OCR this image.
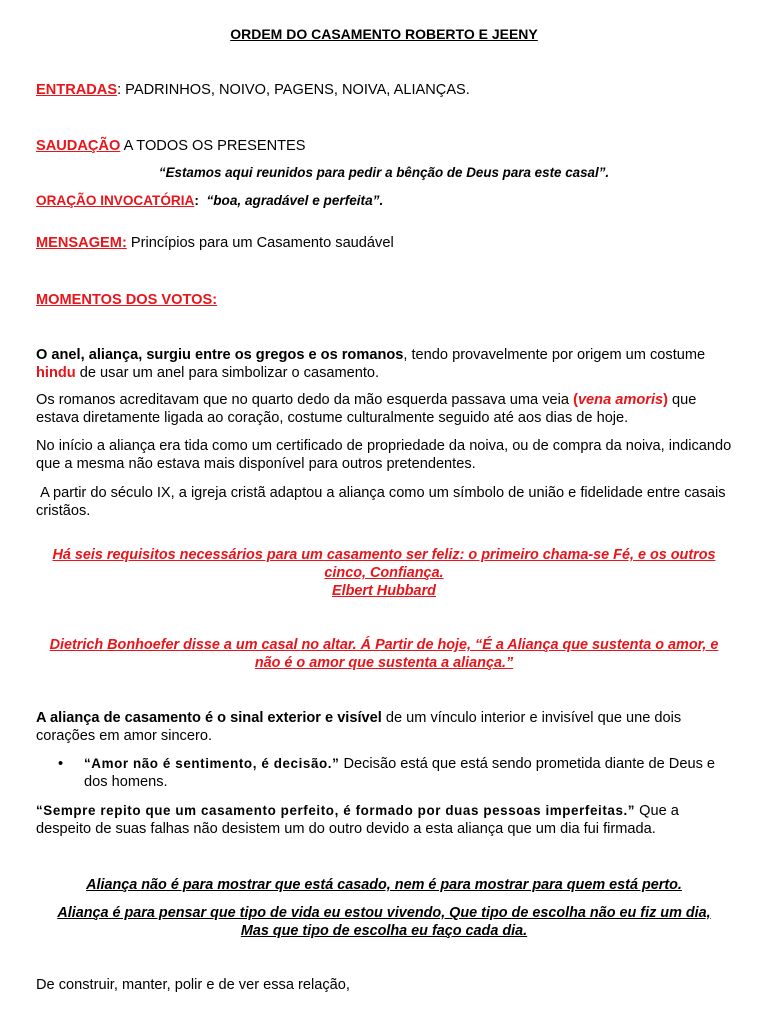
ORDEM DO CASAMENTO ROBERTO E JEENY
ENTRADAS: PADRINHOS, NOIVO, PAGENS, NOIVA, ALIANÇAS.
SAUDAÇÃO A TODOS OS PRESENTES
“Estamos aqui reunidos para pedir a bênção de Deus para este casal”.
ORAÇÃO INVOCATÓRIA: “boa, agradável e perfeita”.
MENSAGEM: Princípios para um Casamento saudável
MOMENTOS DOS VOTOS:
O anel, aliança, surgiu entre os gregos e os romanos, tendo provavelmente por origem um costume hindu de usar um anel para simbolizar o casamento.
Os romanos acreditavam que no quarto dedo da mão esquerda passava uma veia (vena amoris) que estava diretamente ligada ao coração, costume culturalmente seguido até aos dias de hoje.
No início a aliança era tida como um certificado de propriedade da noiva, ou de compra da noiva, indicando que a mesma não estava mais disponível para outros pretendentes.
A partir do século IX, a igreja cristã adaptou a aliança como um símbolo de união e fidelidade entre casais cristãos.
Há seis requisitos necessários para um casamento ser feliz: o primeiro chama-se Fé, e os outros cinco, Confiança.
Elbert Hubbard
Dietrich Bonhoefer disse a um casal no altar. Á Partir de hoje, “É a Aliança que sustenta o amor, e não é o amor que sustenta a aliança.”
A aliança de casamento é o sinal exterior e visível de um vínculo interior e invisível que une dois corações em amor sincero.
• “Amor não é sentimento, é decisão.” Decisão está que está sendo prometida diante de Deus e dos homens.
“Sempre repito que um casamento perfeito, é formado por duas pessoas imperfeitas.” Que a despeito de suas falhas não desistem um do outro devido a esta aliança que um dia fui firmada.
Aliança não é para mostrar que está casado, nem é para mostrar para quem está perto.
Aliança é para pensar que tipo de vida eu estou vivendo, Que tipo de escolha não eu fiz um dia, Mas que tipo de escolha eu faço cada dia.
De construir, manter, polir e de ver essa relação,
